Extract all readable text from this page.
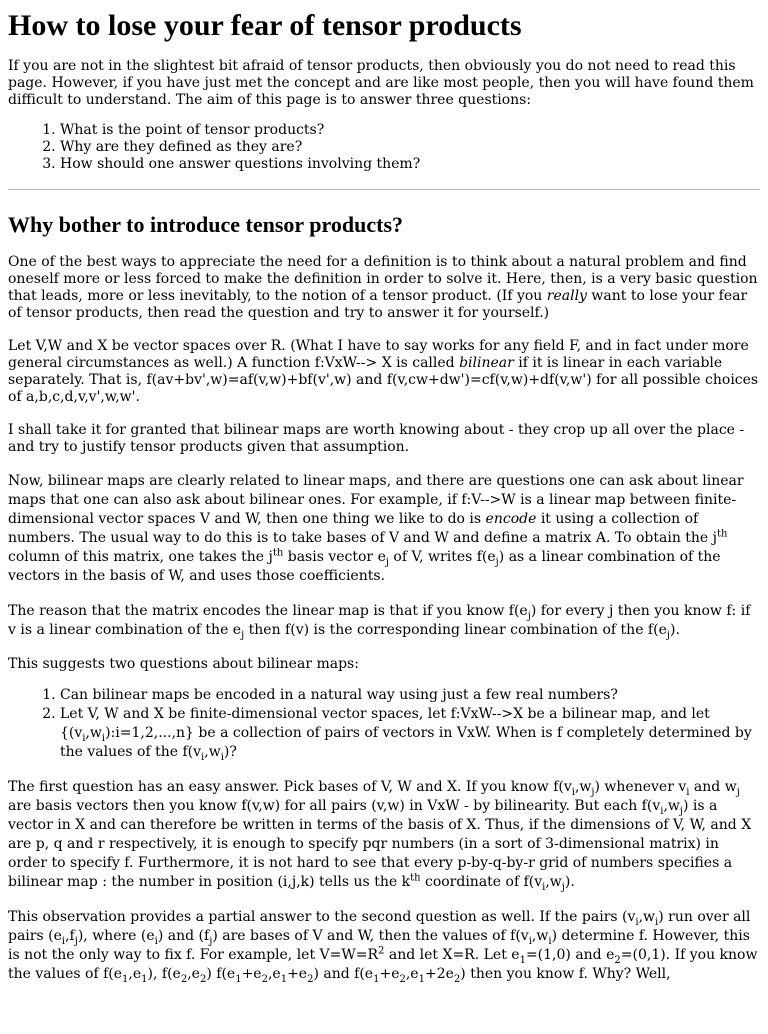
How to lose your fear of tensor products

If you are not in the slightest bit afraid of tensor products, then obviously you do not need to read this page. However, if you have just met the concept and are like most people, then you will have found them difficult to understand. The aim of this page is to answer three questions:

1. What is the point of tensor products?
2. Why are they defined as they are?
3. How should one answer questions involving them?
Why bother to introduce tensor products?

One of the best ways to appreciate the need for a definition is to think about a natural problem and find oneself more or less forced to make the definition in order to solve it. Here, then, is a very basic question that leads, more or less inevitably, to the notion of a tensor product. (If you really want to lose your fear of tensor products, then read the question and try to answer it for yourself.)

Let V,W and X be vector spaces over R. (What I have to say works for any field F, and in fact under more general circumstances as well.) A function f:VxW--> X is called bilinear if it is linear in each variable separately. That is, f(av+bv',w)=af(v,w)+bf(v',w) and f(v,cw+dw')=cf(v,w)+df(v,w') for all possible choices of a,b,c,d,v,v',w,w'.

I shall take it for granted that bilinear maps are worth knowing about - they crop up all over the place - and try to justify tensor products given that assumption.

Now, bilinear maps are clearly related to linear maps, and there are questions one can ask about linear maps that one can also ask about bilinear ones. For example, if f:V-->W is a linear map between finite-dimensional vector spaces V and W, then one thing we like to do is encode it using a collection of numbers. The usual way to do this is to take bases of V and W and define a matrix A. To obtain the $j^{th}$ column of this matrix, one takes the $j^{th}$ basis vector $e_j$ of V, writes $f(e_j)$ as a linear combination of the vectors in the basis of W, and uses those coefficients.

The reason that the matrix encodes the linear map is that if you know $f(e_j)$ for every j then you know f: if v is a linear combination of the $e_j$ then f(v) is the corresponding linear combination of the $f(e_j)$.

This suggests two questions about bilinear maps:

1. Can bilinear maps be encoded in a natural way using just a few real numbers?
2. Let V, W and X be finite-dimensional vector spaces, let f:VxW-->X be a bilinear map, and let $\{(v_i,w_i):i=1,2,...,n\}$ be a collection of pairs of vectors in VxW. When is f completely determined by the values of the $f(v_i,w_i)$?

The first question has an easy answer. Pick bases of V, W and X. If you know $f(v_i,w_j)$ whenever $v_i$ and $w_j$ are basis vectors then you know f(v,w) for all pairs (v,w) in VxW - by bilinearity. But each $f(v_i,w_j)$ is a vector in X and can therefore be written in terms of the basis of X. Thus, if the dimensions of V, W, and X are p, q and r respectively, it is enough to specify pqr numbers (in a sort of 3-dimensional matrix) in order to specify f. Furthermore, it is not hard to see that every p-by-q-by-r grid of numbers specifies a bilinear map : the number in position (i,j,k) tells us the $k^{th}$ coordinate of $f(v_i,w_j)$.

This observation provides a partial answer to the second question as well. If the pairs $(v_i,w_i)$ run over all pairs $(e_i,f_j)$, where $(e_i)$ and $(f_j)$ are bases of V and W, then the values of $f(v_i,w_i)$ determine f. However, this is not the only way to fix f. For example, let $V=W=R^2$ and let X=R. Let $e_1=(1,0)$ and $e_2=(0,1)$. If you know the values of $f(e_1,e_1)$, $f(e_2,e_2)$ $f(e_1+e_2,e_1+e_2)$ and $f(e_1+e_2,e_1+2e_2)$ then you know f. Why? Well,
